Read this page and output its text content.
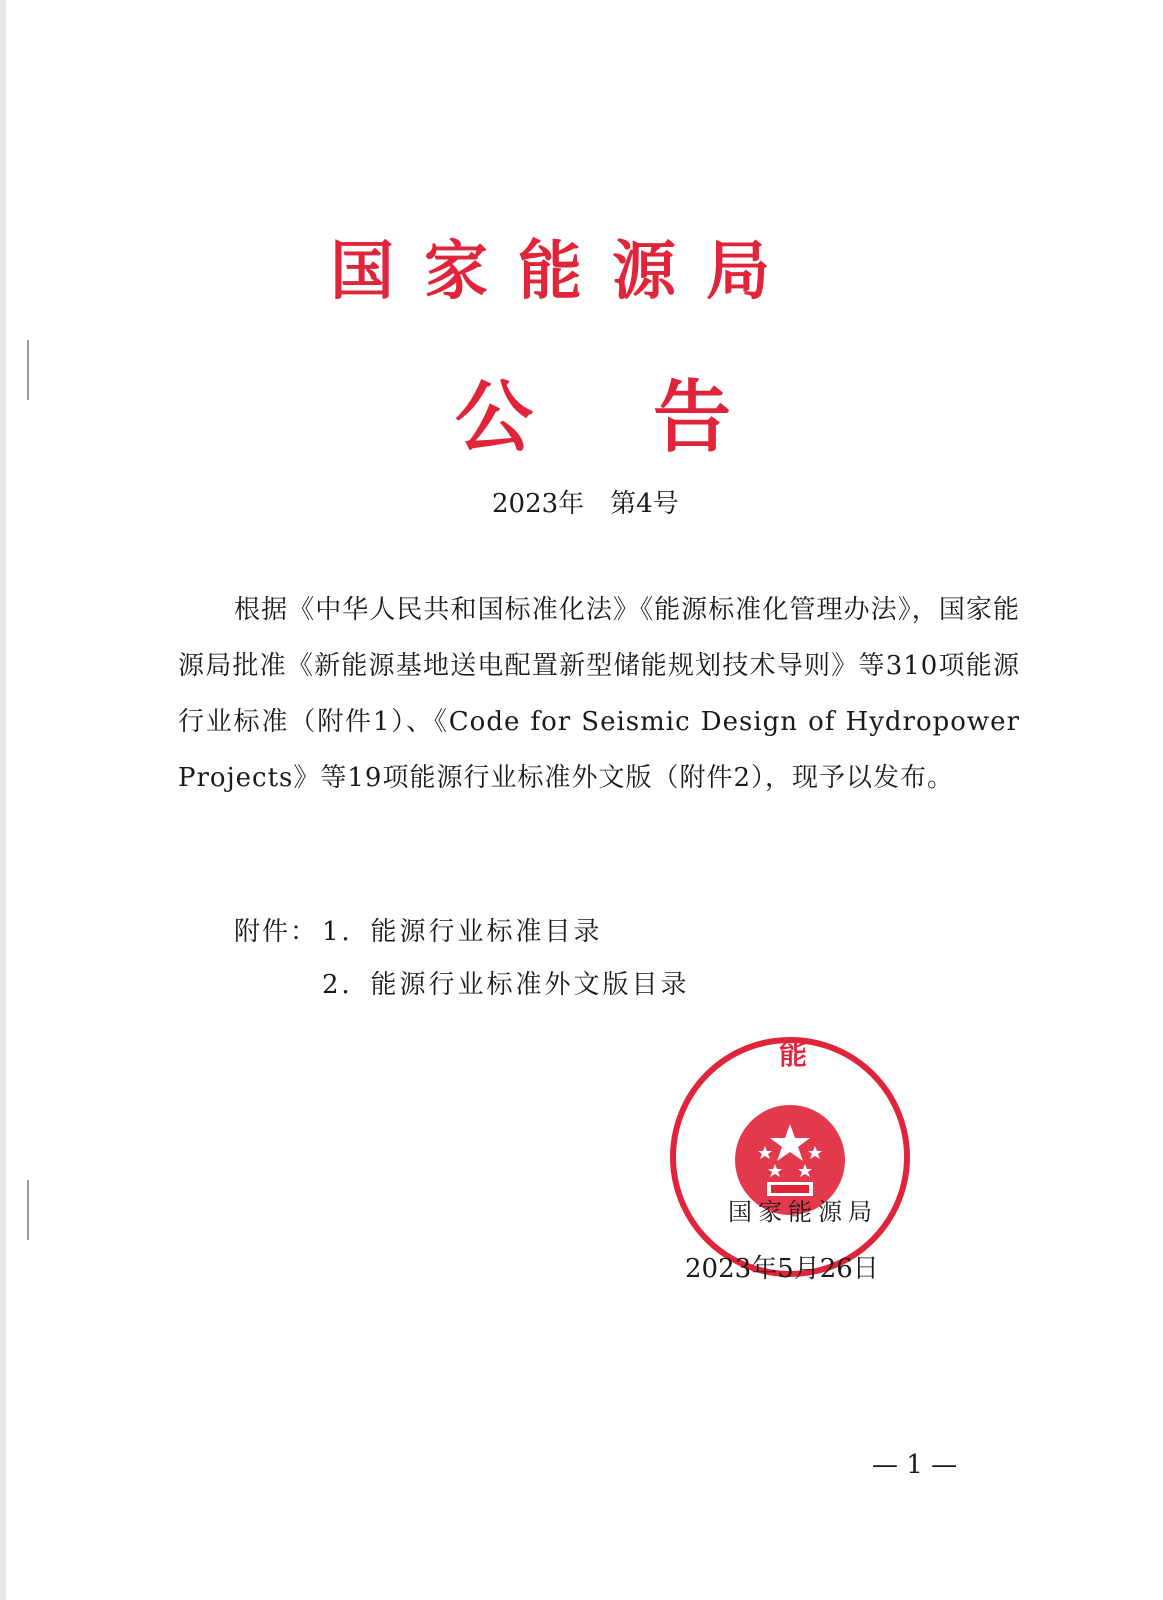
国家能源局
公告
2023年　第4号
根据《中华人民共和国标准化法》《能源标准化管理办法》，国家能源局批准《新能源基地送电配置新型储能规划技术导则》等310项能源行业标准（附件1）、《Code for Seismic Design of Hydropower Projects》等19项能源行业标准外文版（附件2），现予以发布。
附件： 1．能源行业标准目录
2．能源行业标准外文版目录
能
国家能源局
2023年5月26日
— 1 —
